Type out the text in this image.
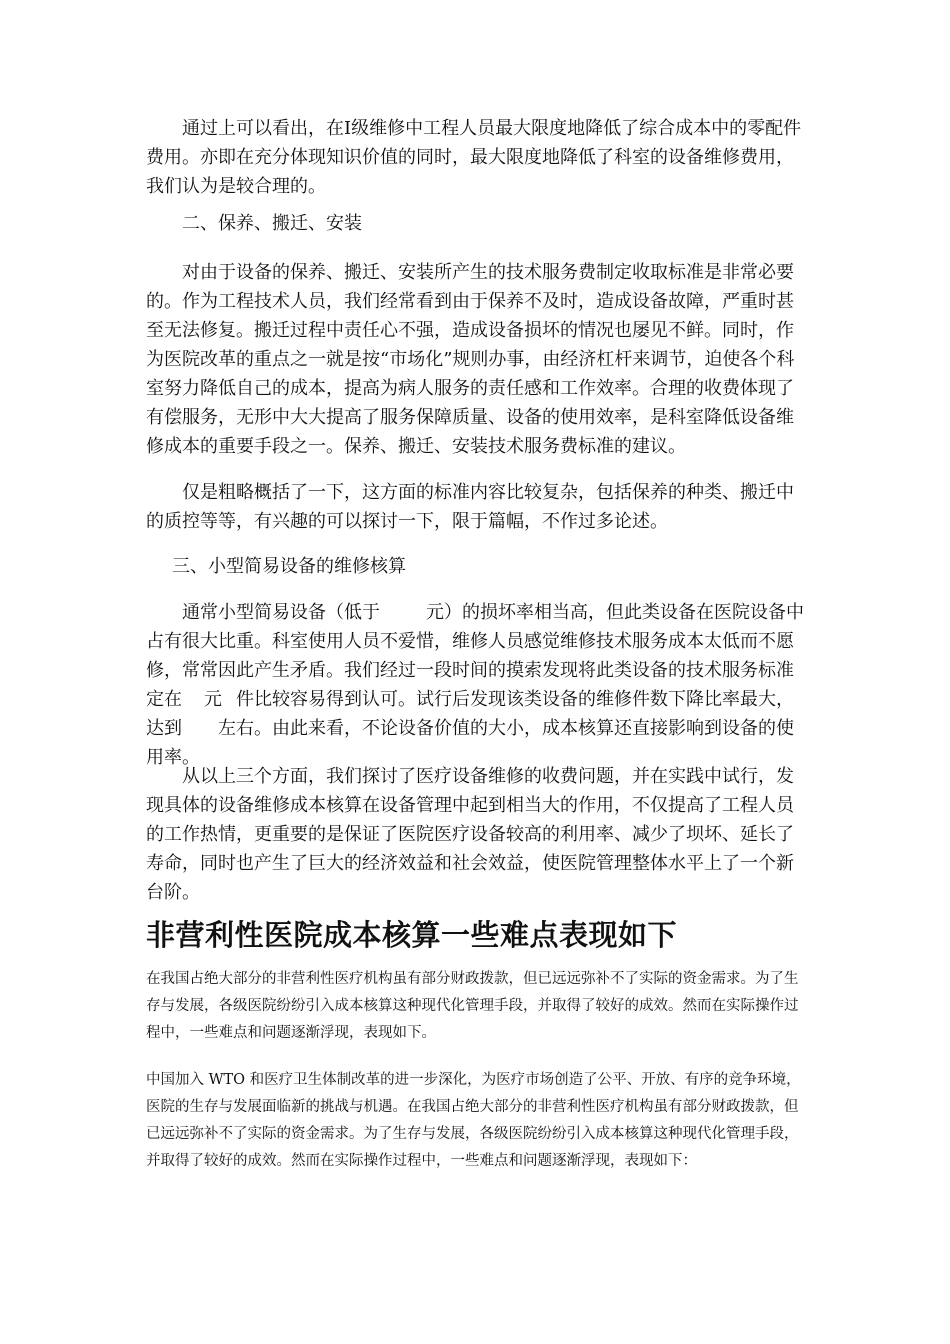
通过上可以看出，在Ⅰ级维修中工程人员最大限度地降低了综合成本中的零配件费用。亦即在充分体现知识价值的同时，最大限度地降低了科室的设备维修费用，我们认为是较合理的。

二、保养、搬迁、安装

对由于设备的保养、搬迁、安装所产生的技术服务费制定收取标准是非常必要的。作为工程技术人员，我们经常看到由于保养不及时，造成设备故障，严重时甚至无法修复。搬迁过程中责任心不强，造成设备损坏的情况也屡见不鲜。同时，作为医院改革的重点之一就是按“市场化”规则办事，由经济杠杆来调节，迫使各个科室努力降低自己的成本，提高为病人服务的责任感和工作效率。合理的收费体现了有偿服务，无形中大大提高了服务保障质量、设备的使用效率，是科室降低设备维修成本的重要手段之一。保养、搬迁、安装技术服务费标准的建议。

仅是粗略概括了一下，这方面的标准内容比较复杂，包括保养的种类、搬迁中的质控等等，有兴趣的可以探讨一下，限于篇幅，不作过多论述。

三、小型简易设备的维修核算

通常小型简易设备（低于	元）的损坏率相当高，但此类设备在医院设备中占有很大比重。科室使用人员不爱惜，维修人员感觉维修技术服务成本太低而不愿修，常常因此产生矛盾。我们经过一段时间的摸索发现将此类设备的技术服务标准定在 元 件比较容易得到认可。试行后发现该类设备的维修件数下降比率最大，达到 左右。由此来看，不论设备价值的大小，成本核算还直接影响到设备的使用率。

从以上三个方面，我们探讨了医疗设备维修的收费问题，并在实践中试行，发现具体的设备维修成本核算在设备管理中起到相当大的作用，不仅提高了工程人员的工作热情，更重要的是保证了医院医疗设备较高的利用率、减少了坝坏、延长了寿命，同时也产生了巨大的经济效益和社会效益，使医院管理整体水平上了一个新台阶。

非营利性医院成本核算一些难点表现如下

在我国占绝大部分的非营利性医疗机构虽有部分财政拨款，但已远远弥补不了实际的资金需求。为了生存与发展，各级医院纷纷引入成本核算这种现代化管理手段，并取得了较好的成效。然而在实际操作过程中，一些难点和问题逐渐浮现，表现如下。

中国加入 WTO 和医疗卫生体制改革的进一步深化，为医疗市场创造了公平、开放、有序的竞争环境，医院的生存与发展面临新的挑战与机遇。在我国占绝大部分的非营利性医疗机构虽有部分财政拨款，但已远远弥补不了实际的资金需求。为了生存与发展，各级医院纷纷引入成本核算这种现代化管理手段，并取得了较好的成效。然而在实际操作过程中，一些难点和问题逐渐浮现，表现如下：
